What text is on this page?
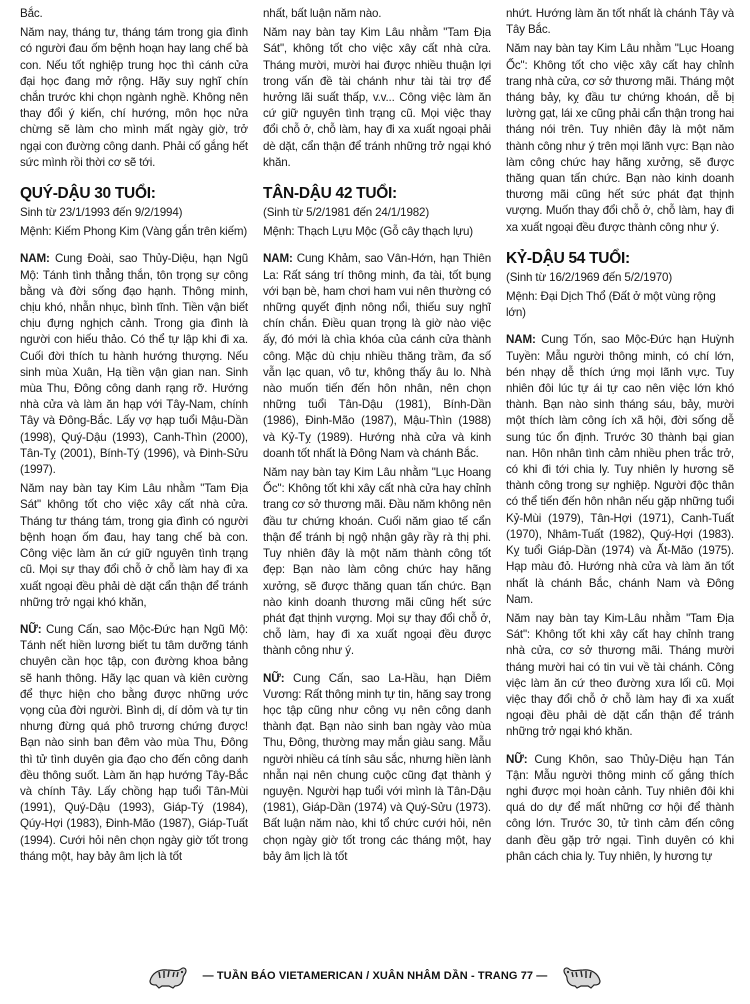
Bắc.

Năm nay, tháng tư, tháng tám trong gia đình có người đau ốm bệnh hoạn hay lang chế bà con. Nếu tốt nghiệp trung học thì cánh cửa đại học đang mở rộng. Hãy suy nghĩ chín chắn trước khi chọn ngành nghề. Không nên thay đổi ý kiến, chí hướng, môn học nửa chừng sẽ làm cho mình mất ngày giờ, trở ngại con đường công danh. Phải cố gắng hết sức mình rồi thời cơ sẽ tới.

QUÝ-DẬU 30 TUỔI:

Sinh từ 23/1/1993 đến 9/2/1994)

Mệnh: Kiếm Phong Kim (Vàng gắn trên kiếm)

NAM: Cung Đoài, sao Thủy-Diệu, hạn Ngũ Mộ: Tánh tình thẳng thắn, tôn trọng sự công bằng và đời sống đạo hạnh. Thông minh, chịu khó, nhẫn nhục, bình tĩnh. Tiền vận biết chịu đựng nghịch cảnh. Trong gia đình là người con hiếu thảo. Có thể tự lập khi đi xa. Cuối đời thích tu hành hướng thượng. Nếu sinh mùa Xuân, Hạ tiền vận gian nan. Sinh mùa Thu, Đông công danh rạng rỡ. Hướng nhà cửa và làm ăn hạp với Tây-Nam, chính Tây và Đông-Bắc. Lấy vợ hạp tuổi Mậu-Dần (1998), Quý-Dậu (1993), Canh-Thìn (2000), Tân-Tỵ (2001), Bính-Tý (1996), và Đinh-Sửu (1997).

Năm nay bàn tay Kim Lâu nhằm "Tam Địa Sát" không tốt cho việc xây cất nhà cửa. Tháng tư tháng tám, trong gia đình có người bệnh hoạn ốm đau, hay tang chế bà con. Công việc làm ăn cứ giữ nguyên tình trạng cũ. Mọi sự thay đổi chỗ ở chỗ làm hay đi xa xuất ngoại đều phải dè dặt cẩn thận để tránh những trở ngại khó khăn,

NỮ: Cung Cấn, sao Mộc-Đức hạn Ngũ Mộ: Tánh nết hiền lương biết tu tâm dưỡng tánh chuyên cần học tập, con đường khoa bảng sẽ hanh thông. Hãy lạc quan và kiên cường để thực hiện cho bằng được những ước vọng của đời người. Bình dị, dí dỏm và tự tin nhưng đừng quá phô trương chứng được! Bạn nào sinh ban đêm vào mùa Thu, Đông thì tử tình duyên gia đạo cho đến công danh đều thông suốt. Làm ăn hạp hướng Tây-Bắc và chính Tây. Lấy chồng hạp tuổi Tân-Mùi (1991), Quý-Dậu (1993), Giáp-Tý (1984), Qúy-Hợi (1983), Đinh-Mão (1987), Giáp-Tuất (1994). Cưới hỏi nên chọn ngày giờ tốt trong tháng một, hay bảy âm lịch là tốt

nhất, bất luận năm nào.

Năm nay bàn tay Kim Lâu nhằm "Tam Địa Sát", không tốt cho việc xây cất nhà cửa. Tháng mười, mười hai được nhiều thuận lợi trong vấn đề tài chánh như tài tài trợ để hưởng lãi suất thấp, v.v... Công việc làm ăn cứ giữ nguyên tình trạng cũ. Mọi việc thay đổi chỗ ở, chỗ làm, hay đi xa xuất ngoại phải dè dặt, cẩn thận để tránh những trở ngại khó khăn.

TÂN-DẬU 42 TUỔI:

(Sinh từ 5/2/1981 đến 24/1/1982)

Mệnh: Thạch Lựu Mộc (Gỗ cây thạch lựu)

NAM: Cung Khảm, sao Vân-Hớn, hạn Thiên La: Rất sáng trí thông minh, đa tài, tốt bụng với bạn bè, ham chơi ham vui nên thường có những quyết định nông nổi, thiếu suy nghĩ chín chắn. Điều quan trọng là giờ nào việc ấy, đó mới là chìa khóa của cánh cửa thành công. Mặc dù chịu nhiều thăng trầm, đa số vẫn lạc quan, vô tư, không thấy âu lo. Nhà nào muốn tiến đến hôn nhân, nên chọn những tuổi Tân-Dậu (1981), Bính-Dần (1986), Đinh-Mão (1987), Mậu-Thìn (1988) và Kỷ-Tỵ (1989). Hướng nhà cửa và kinh doanh tốt nhất là Đông Nam và chánh Bắc.

Năm nay bàn tay Kim Lâu nhằm "Lục Hoang Ốc": Không tốt khi xây cất nhà cửa hay chỉnh trang cơ sở thương mãi. Đầu năm không nên đầu tư chứng khoán. Cuối năm giao tế cẩn thận để tránh bị ngộ nhận gây rầy rà thị phi. Tuy nhiên đây là một năm thành công tốt đẹp: Bạn nào làm công chức hay hãng xưởng, sẽ được thăng quan tấn chức. Bạn nào kinh doanh thương mãi cũng hết sức phát đạt thịnh vượng. Mọi sự thay đổi chỗ ở, chỗ làm, hay đi xa xuất ngoại đều được thành công như ý.

NỮ: Cung Cấn, sao La-Hầu, hạn Diêm Vương: Rất thông minh tự tin, hăng say trong học tập cũng như công vụ nên công danh thành đạt. Bạn nào sinh ban ngày vào mùa Thu, Đông, thường may mắn giàu sang. Mẫu người nhiều cá tính sâu sắc, nhưng hiền lành nhẫn nại nên chung cuộc cũng đạt thành ý nguyện. Người hạp tuổi với mình là Tân-Dậu (1981), Giáp-Dần (1974) và Quý-Sửu (1973). Bất luận năm nào, khi tổ chức cưới hỏi, nên chọn ngày giờ tốt trong các tháng một, hay bảy âm lịch là tốt

nhứt. Hướng làm ăn tốt nhất là chánh Tây và Tây Bắc.

Năm nay bàn tay Kim Lâu nhằm "Lục Hoang Ốc": Không tốt cho việc xây cất hay chỉnh trang nhà cửa, cơ sở thương mãi. Tháng một tháng bảy, kỵ đầu tư chứng khoán, dễ bị lường gạt, lái xe cũng phải cẩn thận trong hai tháng nói trên. Tuy nhiên đây là một năm thành công như ý trên mọi lãnh vực: Bạn nào làm công chức hay hãng xưởng, sẽ được thăng quan tấn chức. Bạn nào kinh doanh thương mãi cũng hết sức phát đạt thịnh vượng. Muốn thay đổi chỗ ở, chỗ làm, hay đi xa xuất ngoại đều được thành công như ý.

KỶ-DẬU 54 TUỔI:

(Sinh từ 16/2/1969 đến 5/2/1970)

Mệnh: Đại Dịch Thổ (Đất ở một vùng rộng lớn)

NAM: Cung Tốn, sao Mộc-Đức hạn Huỳnh Tuyền: Mẫu người thông minh, có chí lớn, bén nhạy dễ thích ứng mọi lãnh vực. Tuy nhiên đôi lúc tự ái tự cao nên việc lớn khó thành. Bạn nào sinh tháng sáu, bảy, mười một thích làm công ích xã hội, đời sống dễ sung túc ổn định. Trước 30 thành bại gian nan. Hôn nhân tình cảm nhiều phen trắc trở, có khi đi tới chia ly. Tuy nhiên ly hương sẽ thành công trong sự nghiệp. Người độc thân có thể tiến đến hôn nhân nếu gặp những tuổi Kỷ-Mùi (1979), Tân-Hợi (1971), Canh-Tuất (1970), Nhâm-Tuất (1982), Quý-Hợi (1983). Kỵ tuổi Giáp-Dần (1974) và Ất-Mão (1975). Hạp màu đỏ. Hướng nhà cửa và làm ăn tốt nhất là chánh Bắc, chánh Nam và Đông Nam.

Năm nay bàn tay Kim-Lâu nhằm "Tam Địa Sát": Không tốt khi xây cất hay chỉnh trang nhà cửa, cơ sở thương mãi. Tháng mười tháng mười hai có tin vui về tài chánh. Công việc làm ăn cứ theo đường xưa lối cũ. Mọi việc thay đổi chỗ ở chỗ làm hay đi xa xuất ngoại đều phải dè dặt cẩn thận để tránh những trở ngại khó khăn.

NỮ: Cung Khôn, sao Thủy-Diệu hạn Tán Tận: Mẫu người thông minh cố gắng thích nghi được mọi hoàn cảnh. Tuy nhiên đôi khi quá do dự để mất những cơ hội để thành công lớn. Trước 30, tử tình cảm đến công danh đều gặp trở ngại. Tình duyên có khi phân cách chia ly. Tuy nhiên, ly hương tự

— TUẦN BÁO VIETAMERICAN / XUÂN NHÂM DẦN - TRANG 77 —
